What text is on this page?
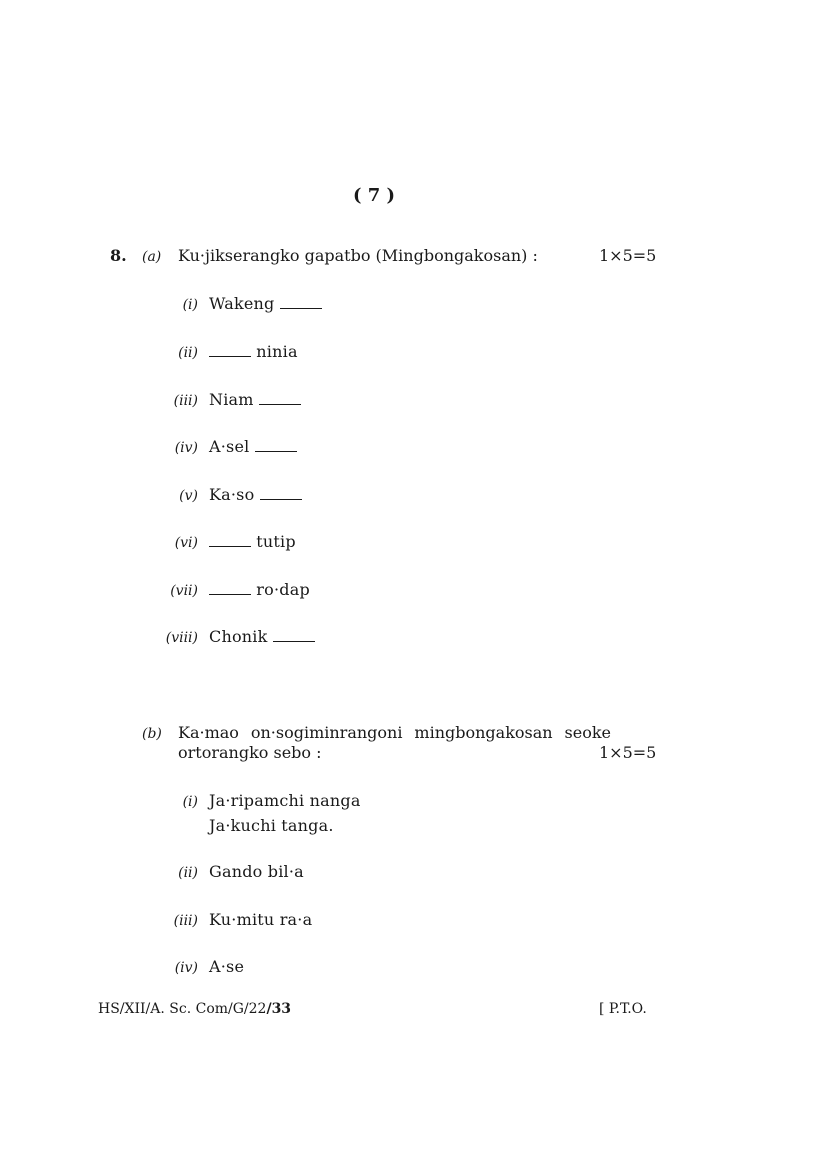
( 7 )
8. (a) Ku·jikserangko gapatbo (Mingbongakosan) :	1×5=5
(i) Wakeng
(ii)	ninia
(iii) Niam
(iv) A·sel
(v) Ka·so
(vi)	tutip
(vii)	ro·dap
(viii) Chonik
(b) Ka·mao on·sogiminrangoni mingbongakosan seoke
ortorangko sebo :	1×5=5
(i) Ja·ripamchi nanga
Ja·kuchi tanga.
(ii) Gando bil·a
(iii) Ku·mitu ra·a
(iv) A·se
HS/XII/A. Sc. Com/G/22/33	[ P.T.O.
